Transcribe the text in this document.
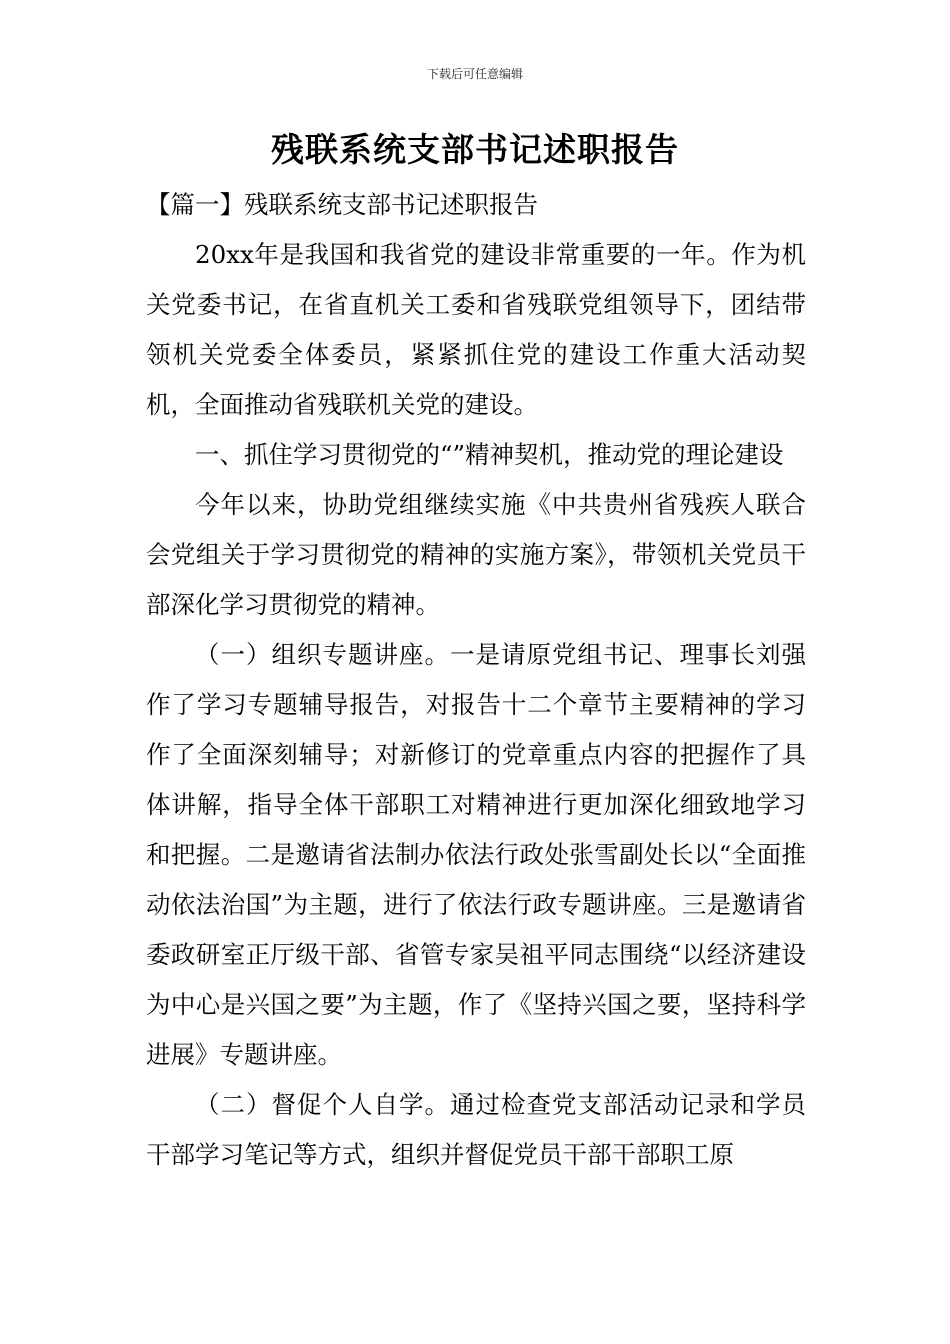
下载后可任意编辑
残联系统支部书记述职报告

【篇一】残联系统支部书记述职报告

20xx年是我国和我省党的建设非常重要的一年。作为机关党委书记，在省直机关工委和省残联党组领导下，团结带领机关党委全体委员，紧紧抓住党的建设工作重大活动契机，全面推动省残联机关党的建设。

一、抓住学习贯彻党的“”精神契机，推动党的理论建设

今年以来，协助党组继续实施《中共贵州省残疾人联合会党组关于学习贯彻党的精神的实施方案》，带领机关党员干部深化学习贯彻党的精神。

（一）组织专题讲座。一是请原党组书记、理事长刘强作了学习专题辅导报告，对报告十二个章节主要精神的学习作了全面深刻辅导；对新修订的党章重点内容的把握作了具体讲解，指导全体干部职工对精神进行更加深化细致地学习和把握。二是邀请省法制办依法行政处张雪副处长以“全面推动依法治国”为主题，进行了依法行政专题讲座。三是邀请省委政研室正厅级干部、省管专家吴祖平同志围绕“以经济建设为中心是兴国之要”为主题，作了《坚持兴国之要，坚持科学进展》专题讲座。

（二）督促个人自学。通过检查党支部活动记录和学员干部学习笔记等方式，组织并督促党员干部干部职工原
